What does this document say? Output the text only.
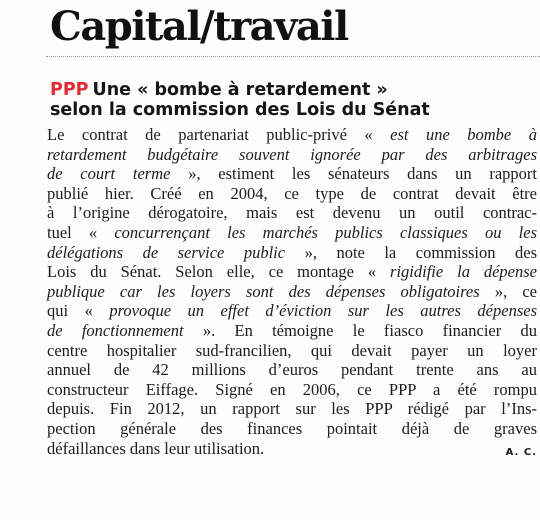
Capital/travail
PPP Une « bombe à retardement »
selon la commission des Lois du Sénat
Le contrat de partenariat public-privé « est une bombe à
retardement budgétaire souvent ignorée par des arbitrages
de court terme », estiment les sénateurs dans un rapport
publié hier. Créé en 2004, ce type de contrat devait être
à l’origine dérogatoire, mais est devenu un outil contrac-
tuel « concurrençant les marchés publics classiques ou les
délégations de service public », note la commission des
Lois du Sénat. Selon elle, ce montage « rigidifie la dépense
publique car les loyers sont des dépenses obligatoires », ce
qui « provoque un effet d’éviction sur les autres dépenses
de fonctionnement ». En témoigne le fiasco financier du
centre hospitalier sud-francilien, qui devait payer un loyer
annuel de 42 millions d’euros pendant trente ans au
constructeur Eiffage. Signé en 2006, ce PPP a été rompu
depuis. Fin 2012, un rapport sur les PPP rédigé par l’Ins-
pection générale des finances pointait déjà de graves
défaillances dans leur utilisation.	A. C.
